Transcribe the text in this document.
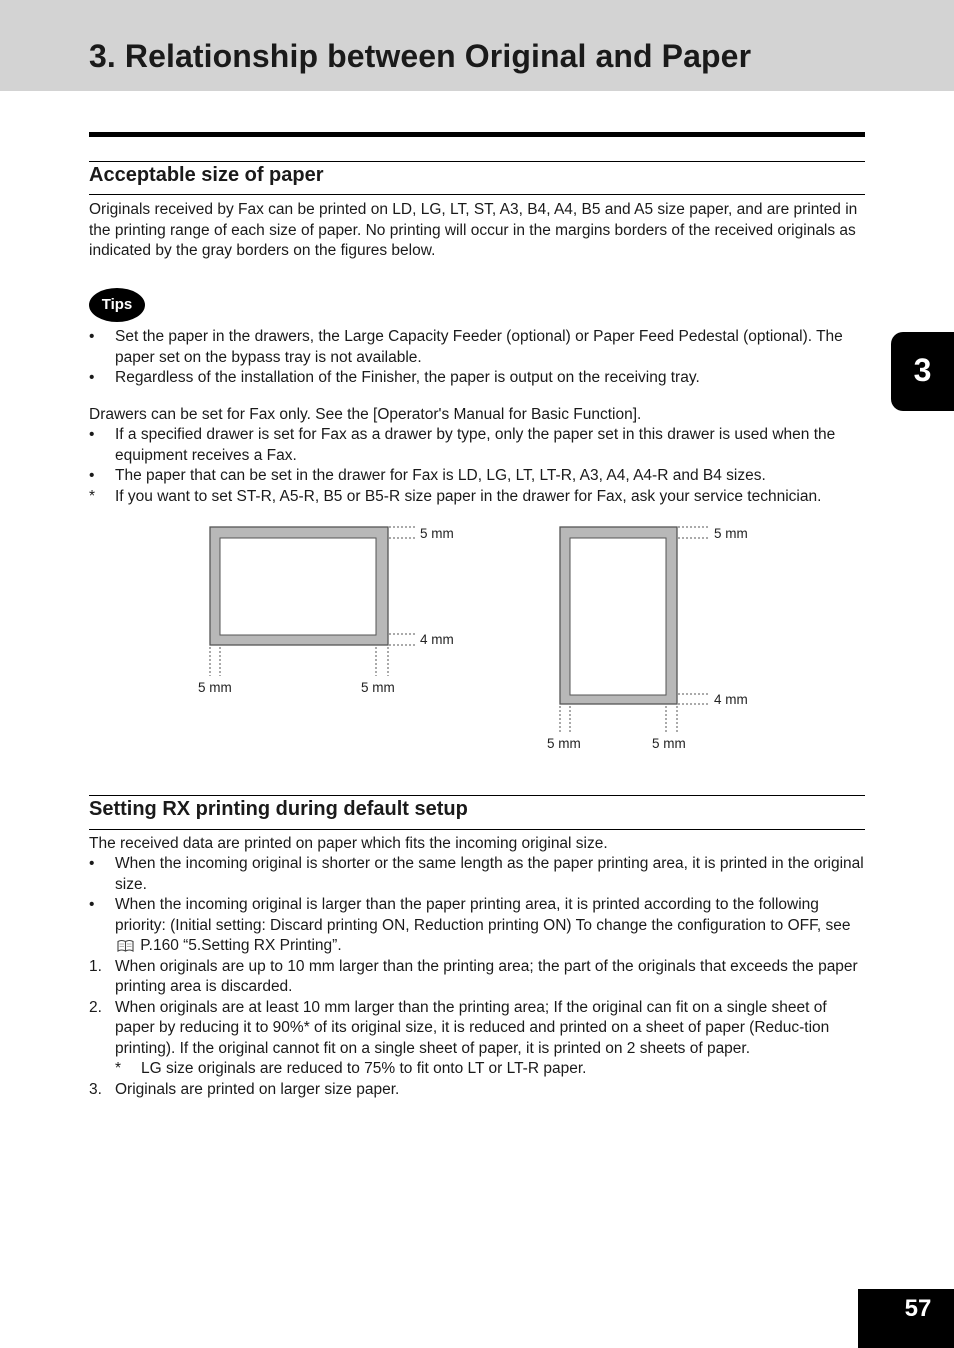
3. Relationship between Original and Paper
Acceptable size of paper

Originals received by Fax can be printed on LD, LG, LT, ST, A3, B4, A4, B5 and A5 size paper, and are printed in the printing range of each size of paper. No printing will occur in the margins borders of the received originals as indicated by the gray borders on the figures below.

Tips
• Set the paper in the drawers, the Large Capacity Feeder (optional) or Paper Feed Pedestal (optional). The paper set on the bypass tray is not available.
• Regardless of the installation of the Finisher, the paper is output on the receiving tray.

Drawers can be set for Fax only. See the [Operator's Manual for Basic Function].

• If a specified drawer is set for Fax as a drawer by type, only the paper set in this drawer is used when the equipment receives a Fax.
• The paper that can be set in the drawer for Fax is LD, LG, LT, LT-R, A3, A4, A4-R and B4 sizes.
* If you want to set ST-R, A5-R, B5 or B5-R size paper in the drawer for Fax, ask your service technician.
5 mm
4 mm
5 mm	5 mm
5 mm
4 mm
5 mm	5 mm
Setting RX printing during default setup

The received data are printed on paper which fits the incoming original size.

• When the incoming original is shorter or the same length as the paper printing area, it is printed in the original size.
• When the incoming original is larger than the paper printing area, it is printed according to the following priority: (Initial setting: Discard printing ON, Reduction printing ON) To change the configuration to OFF, see  P.160 “5.Setting RX Printing”.
1. When originals are up to 10 mm larger than the printing area; the part of the originals that exceeds the paper printing area is discarded.
2. When originals are at least 10 mm larger than the printing area; If the original can fit on a single sheet of paper by reducing it to 90%* of its original size, it is reduced and printed on a sheet of paper (Reduc-tion printing). If the original cannot fit on a single sheet of paper, it is printed on 2 sheets of paper.
* LG size originals are reduced to 75% to fit onto LT or LT-R paper.
3. Originals are printed on larger size paper.
3
57
